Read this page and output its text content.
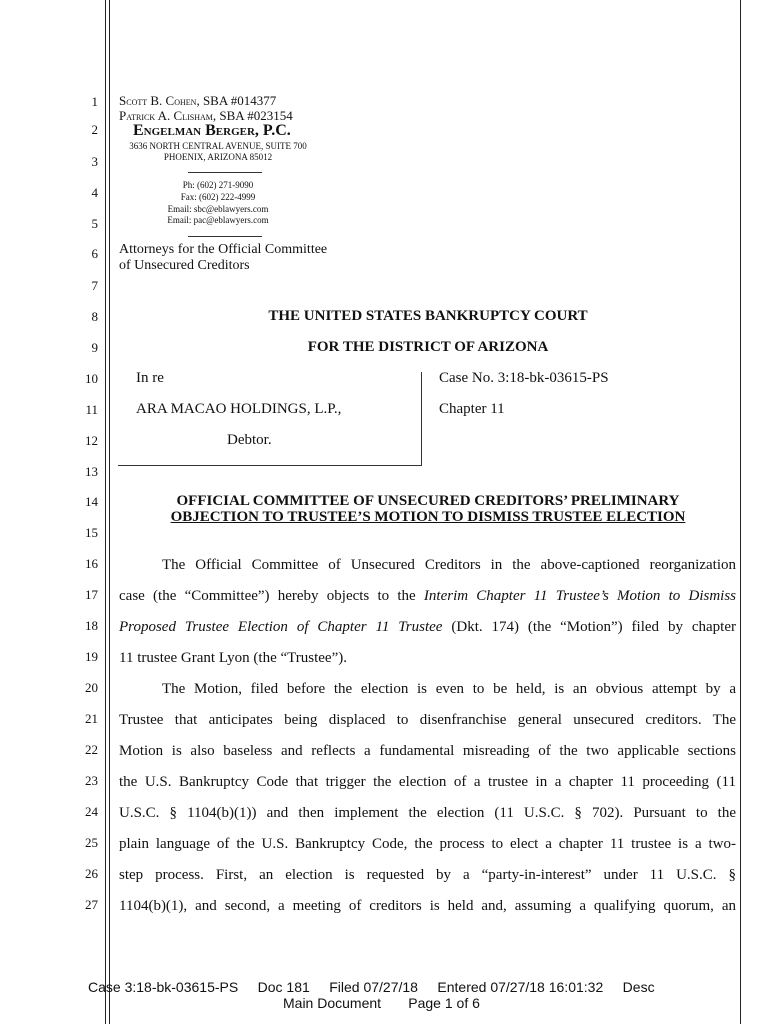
1
2
3
4
5
6
7
8
9
10
11
12
13
14
15
16
17
18
19
20
21
22
23
24
25
26
27
Scott B. Cohen, SBA #014377
Patrick A. Clisham, SBA #023154
Engelman Berger, P.C.
3636 NORTH CENTRAL AVENUE, SUITE 700
PHOENIX, ARIZONA 85012
Ph: (602) 271-9090
Fax: (602) 222-4999
Email: sbc@eblawyers.com
Email: pac@eblawyers.com
Attorneys for the Official Committee
of Unsecured Creditors
THE UNITED STATES BANKRUPTCY COURT
FOR THE DISTRICT OF ARIZONA
In re
ARA MACAO HOLDINGS, L.P.,
Debtor.
Case No. 3:18-bk-03615-PS
Chapter 11
OFFICIAL COMMITTEE OF UNSECURED CREDITORS’ PRELIMINARY
OBJECTION TO TRUSTEE’S MOTION TO DISMISS TRUSTEE ELECTION
The Official Committee of Unsecured Creditors in the above-captioned reorganization
case (the “Committee”) hereby objects to the Interim Chapter 11 Trustee’s Motion to Dismiss
Proposed Trustee Election of Chapter 11 Trustee (Dkt. 174) (the “Motion”) filed by chapter
11 trustee Grant Lyon (the “Trustee”).
The Motion, filed before the election is even to be held, is an obvious attempt by a
Trustee that anticipates being displaced to disenfranchise general unsecured creditors. The
Motion is also baseless and reflects a fundamental misreading of the two applicable sections
the U.S. Bankruptcy Code that trigger the election of a trustee in a chapter 11 proceeding (11
U.S.C. § 1104(b)(1)) and then implement the election (11 U.S.C. § 702). Pursuant to the
plain language of the U.S. Bankruptcy Code, the process to elect a chapter 11 trustee is a two-
step process. First, an election is requested by a “party-in-interest” under 11 U.S.C. §
1104(b)(1), and second, a meeting of creditors is held and, assuming a qualifying quorum, an
Case 3:18-bk-03615-PS     Doc 181     Filed 07/27/18     Entered 07/27/18 16:01:32     Desc
Main Document       Page 1 of 6
